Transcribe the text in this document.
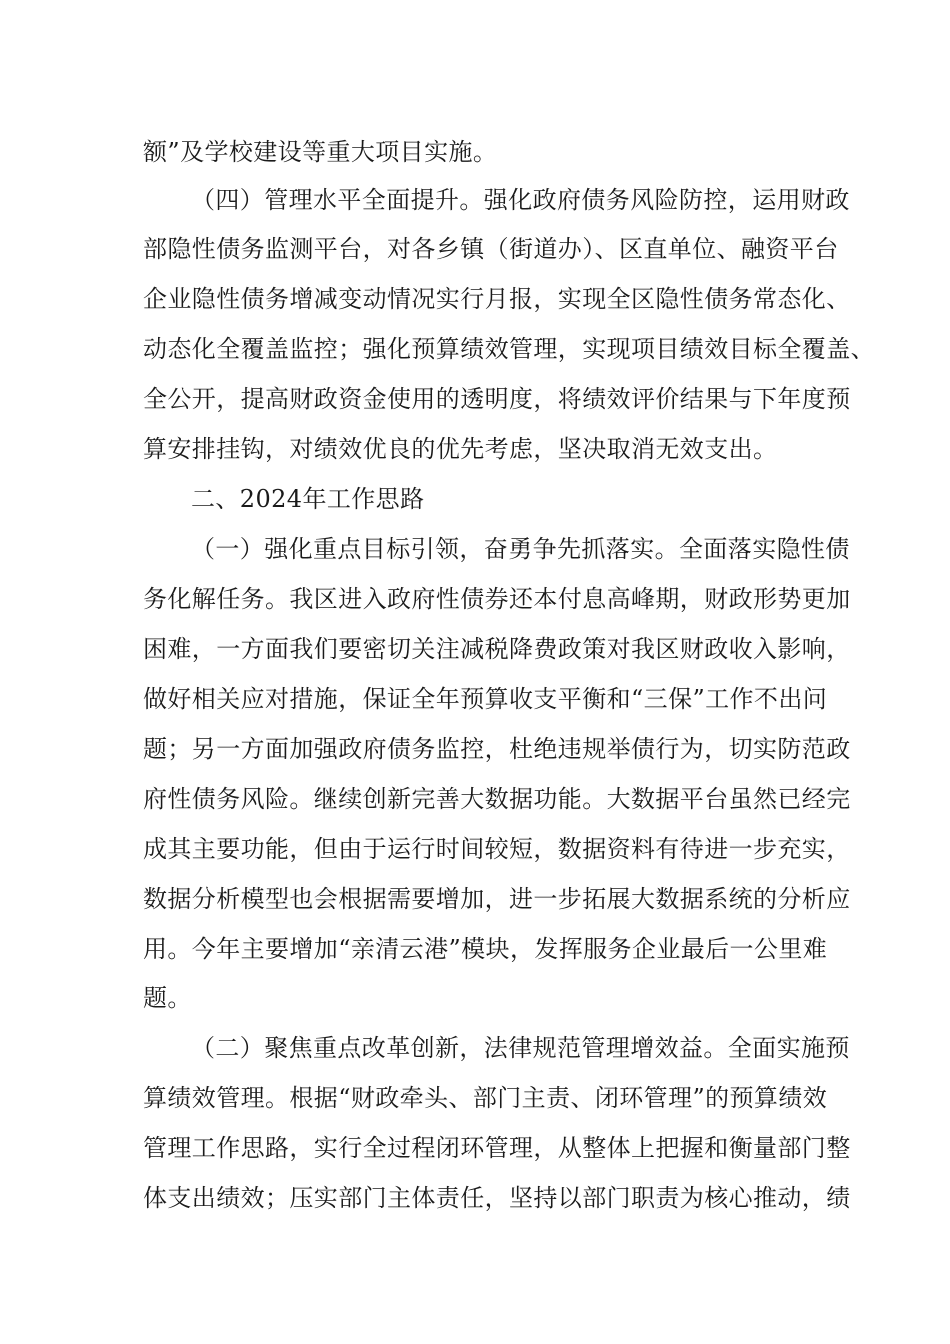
额”及学校建设等重大项目实施。
（四）管理水平全面提升。强化政府债务风险防控，运用财政
部隐性债务监测平台，对各乡镇（街道办）、区直单位、融资平台
企业隐性债务增减变动情况实行月报，实现全区隐性债务常态化、
动态化全覆盖监控；强化预算绩效管理，实现项目绩效目标全覆盖、
全公开，提高财政资金使用的透明度，将绩效评价结果与下年度预
算安排挂钩，对绩效优良的优先考虑，坚决取消无效支出。
二、2024年工作思路
（一）强化重点目标引领，奋勇争先抓落实。全面落实隐性债
务化解任务。我区进入政府性债券还本付息高峰期，财政形势更加
困难，一方面我们要密切关注减税降费政策对我区财政收入影响，
做好相关应对措施，保证全年预算收支平衡和“三保”工作不出问
题；另一方面加强政府债务监控，杜绝违规举债行为，切实防范政
府性债务风险。继续创新完善大数据功能。大数据平台虽然已经完
成其主要功能，但由于运行时间较短，数据资料有待进一步充实，
数据分析模型也会根据需要增加，进一步拓展大数据系统的分析应
用。今年主要增加“亲清云港”模块，发挥服务企业最后一公里难
题。
（二）聚焦重点改革创新，法律规范管理增效益。全面实施预
算绩效管理。根据“财政牵头、部门主责、闭环管理”的预算绩效
管理工作思路，实行全过程闭环管理，从整体上把握和衡量部门整
体支出绩效；压实部门主体责任，坚持以部门职责为核心推动，绩
